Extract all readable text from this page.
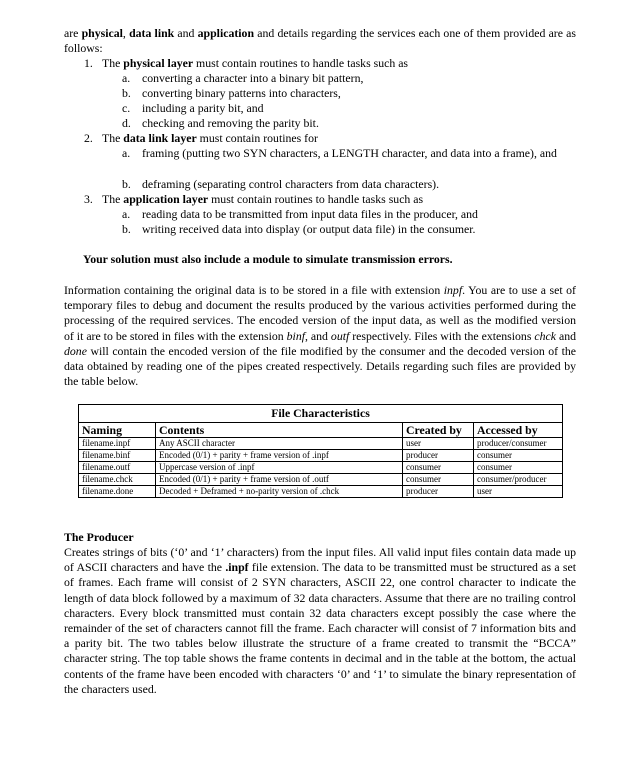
are physical, data link and application and details regarding the services each one of them provided are as follows:

1. The physical layer must contain routines to handle tasks such as
a. converting a character into a binary bit pattern,
b. converting binary patterns into characters,
c. including a parity bit, and
d. checking and removing the parity bit.
2. The data link layer must contain routines for
a. framing (putting two SYN characters, a LENGTH character, and data into a frame), and
b. deframing (separating control characters from data characters).
3. The application layer must contain routines to handle tasks such as
a. reading data to be transmitted from input data files in the producer, and
b. writing received data into display (or output data file) in the consumer.
Your solution must also include a module to simulate transmission errors.

Information containing the original data is to be stored in a file with extension inpf. You are to use a set of temporary files to debug and document the results produced by the various activities performed during the processing of the required services. The encoded version of the input data, as well as the modified version of it are to be stored in files with the extension binf, and outf respectively. Files with the extensions chck and done will contain the encoded version of the file modified by the consumer and the decoded version of the data obtained by reading one of the pipes created respectively. Details regarding such files are provided by the table below.

File Characteristics			
Naming	Contents	Created by	Accessed by
filename.inpf	Any ASCII character	user	producer/consumer
filename.binf	Encoded (0/1) + parity + frame version of .inpf	producer	consumer
filename.outf	Uppercase version of .inpf	consumer	consumer
filename.chck	Encoded (0/1) + parity + frame version of .outf	consumer	consumer/producer
filename.done	Decoded + Deframed + no-parity version of .chck	producer	user
The Producer

Creates strings of bits (‘0’ and ‘1’ characters) from the input files. All valid input files contain data made up of ASCII characters and have the .inpf file extension. The data to be transmitted must be structured as a set of frames. Each frame will consist of 2 SYN characters, ASCII 22, one control character to indicate the length of data block followed by a maximum of 32 data characters. Assume that there are no trailing control characters. Every block transmitted must contain 32 data characters except possibly the case where the remainder of the set of characters cannot fill the frame. Each character will consist of 7 information bits and a parity bit. The two tables below illustrate the structure of a frame created to transmit the “BCCA” character string. The top table shows the frame contents in decimal and in the table at the bottom, the actual contents of the frame have been encoded with characters ‘0’ and ‘1’ to simulate the binary representation of the characters used.
